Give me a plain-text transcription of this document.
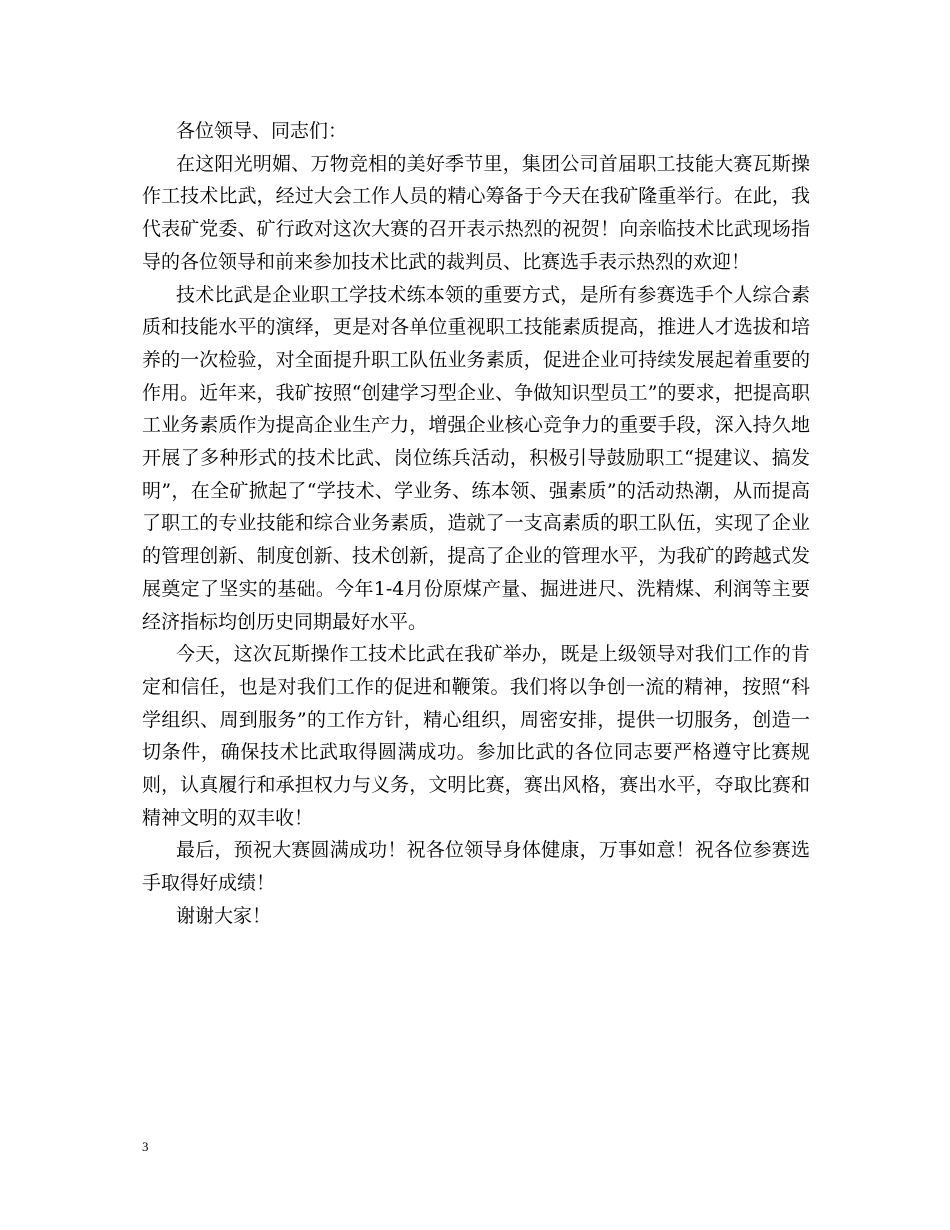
各位领导、同志们：

在这阳光明媚、万物竞相的美好季节里，集团公司首届职工技能大赛瓦斯操作工技术比武，经过大会工作人员的精心筹备于今天在我矿隆重举行。在此，我代表矿党委、矿行政对这次大赛的召开表示热烈的祝贺！向亲临技术比武现场指导的各位领导和前来参加技术比武的裁判员、比赛选手表示热烈的欢迎！

技术比武是企业职工学技术练本领的重要方式，是所有参赛选手个人综合素质和技能水平的演绎，更是对各单位重视职工技能素质提高，推进人才选拔和培养的一次检验，对全面提升职工队伍业务素质，促进企业可持续发展起着重要的作用。近年来，我矿按照“创建学习型企业、争做知识型员工”的要求，把提高职工业务素质作为提高企业生产力，增强企业核心竞争力的重要手段，深入持久地开展了多种形式的技术比武、岗位练兵活动，积极引导鼓励职工“提建议、搞发明”，在全矿掀起了“学技术、学业务、练本领、强素质”的活动热潮，从而提高了职工的专业技能和综合业务素质，造就了一支高素质的职工队伍，实现了企业的管理创新、制度创新、技术创新，提高了企业的管理水平，为我矿的跨越式发展奠定了坚实的基础。今年1-4月份原煤产量、掘进进尺、洗精煤、利润等主要经济指标均创历史同期最好水平。

今天，这次瓦斯操作工技术比武在我矿举办，既是上级领导对我们工作的肯定和信任，也是对我们工作的促进和鞭策。我们将以争创一流的精神，按照“科学组织、周到服务”的工作方针，精心组织，周密安排，提供一切服务，创造一切条件，确保技术比武取得圆满成功。参加比武的各位同志要严格遵守比赛规则，认真履行和承担权力与义务，文明比赛，赛出风格，赛出水平，夺取比赛和精神文明的双丰收！

最后，预祝大赛圆满成功！祝各位领导身体健康，万事如意！祝各位参赛选手取得好成绩！

谢谢大家！

3
